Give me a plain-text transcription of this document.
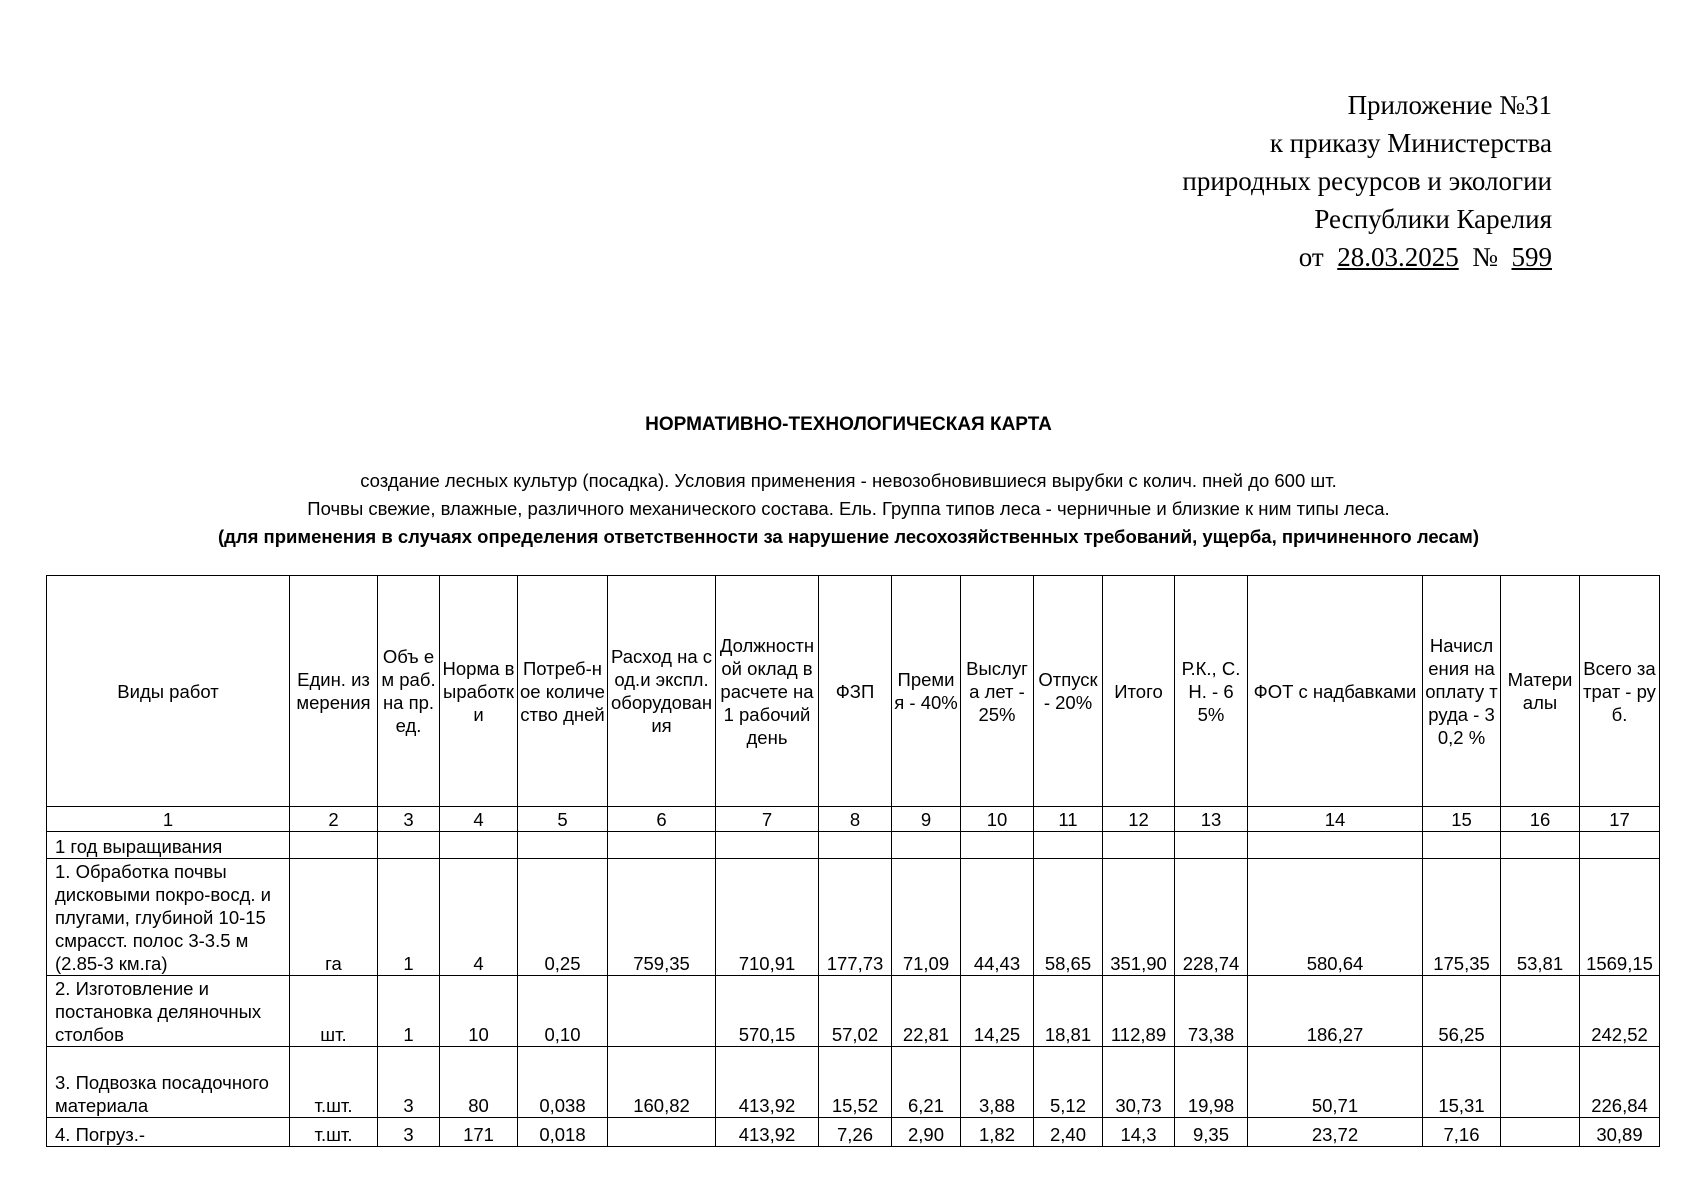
Приложение №31
к приказу Министерства
природных ресурсов и экологии
Республики Карелия
от 28.03.2025 № 599
НОРМАТИВНО-ТЕХНОЛОГИЧЕСКАЯ КАРТА
создание лесных культур (посадка). Условия применения - невозобновившиеся вырубки с колич. пней до 600 шт.
Почвы свежие, влажные, различного механического состава. Ель. Группа типов леса - черничные и близкие к ним типы леса.
(для применения в случаях определения ответственности за нарушение лесохозяйственных требований, ущерба, причиненного лесам)
Виды работ	Един. измерения	Объ ем раб. на пр.ед.	Норма выработки	Потреб-ное количество дней	Расход на сод.и экспл. оборудования	Должностной оклад в расчете на 1 рабочий день	ФЗП	Премия - 40%	Выслуга лет - 25%	Отпуск - 20%	Итого	Р.К., С.Н. - 65%	ФОТ с надбавками	Начисления на оплату труда - 30,2 %	Материалы	Всего затрат - руб.
1	2	3	4	5	6	7	8	9	10	11	12	13	14	15	16	17
1 год выращивания																
1. Обработка почвы дисковыми покро-восд. и плугами, глубиной 10-15 смрасст. полос 3-3.5 м (2.85-3 км.га)	га	1	4	0,25	759,35	710,91	177,73	71,09	44,43	58,65	351,90	228,74	580,64	175,35	53,81	1569,15
2. Изготовление и постановка деляночных столбов	шт.	1	10	0,10		570,15	57,02	22,81	14,25	18,81	112,89	73,38	186,27	56,25		242,52
3. Подвозка посадочного материала	т.шт.	3	80	0,038	160,82	413,92	15,52	6,21	3,88	5,12	30,73	19,98	50,71	15,31		226,84
4. Погруз.-	т.шт.	3	171	0,018		413,92	7,26	2,90	1,82	2,40	14,3	9,35	23,72	7,16		30,89
